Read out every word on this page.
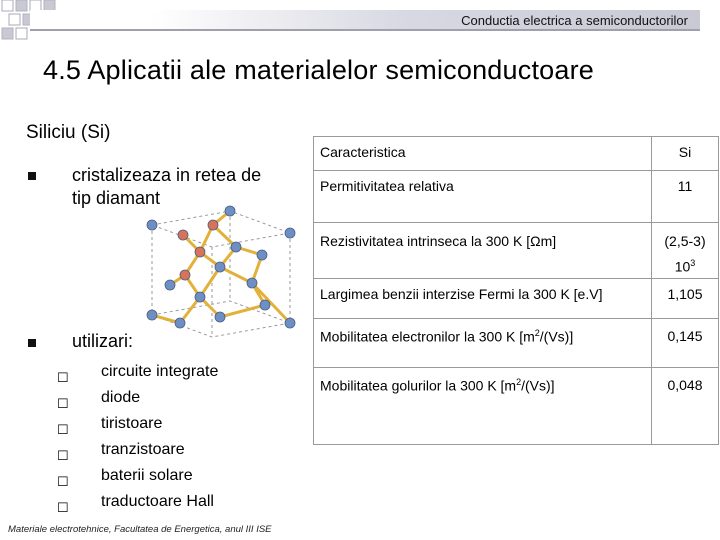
Conductia electrica a semiconductorilor
4.5 Aplicatii ale materialelor semiconductoare
Siliciu (Si)
cristalizeaza in retea de
tip diamant
utilizari:
☐ circuite integrate
☐ diode
☐ tiristoare
☐ tranzistoare
☐ baterii solare
☐ traductoare Hall
Caracteristica	Si
Permitivitatea relativa	11
Rezistivitatea intrinseca la 300 K [Ωm]	(2,5-3)
$10^3$

Largimea benzii interzise Fermi la 300 K [e.V]	1,105
Mobilitatea electronilor la 300 K $[m^2/(Vs)]$	0,145
Mobilitatea golurilor la 300 K $[m^2/(Vs)]$	0,048
Materiale electrotehnice, Facultatea de Energetica, anul III ISE
